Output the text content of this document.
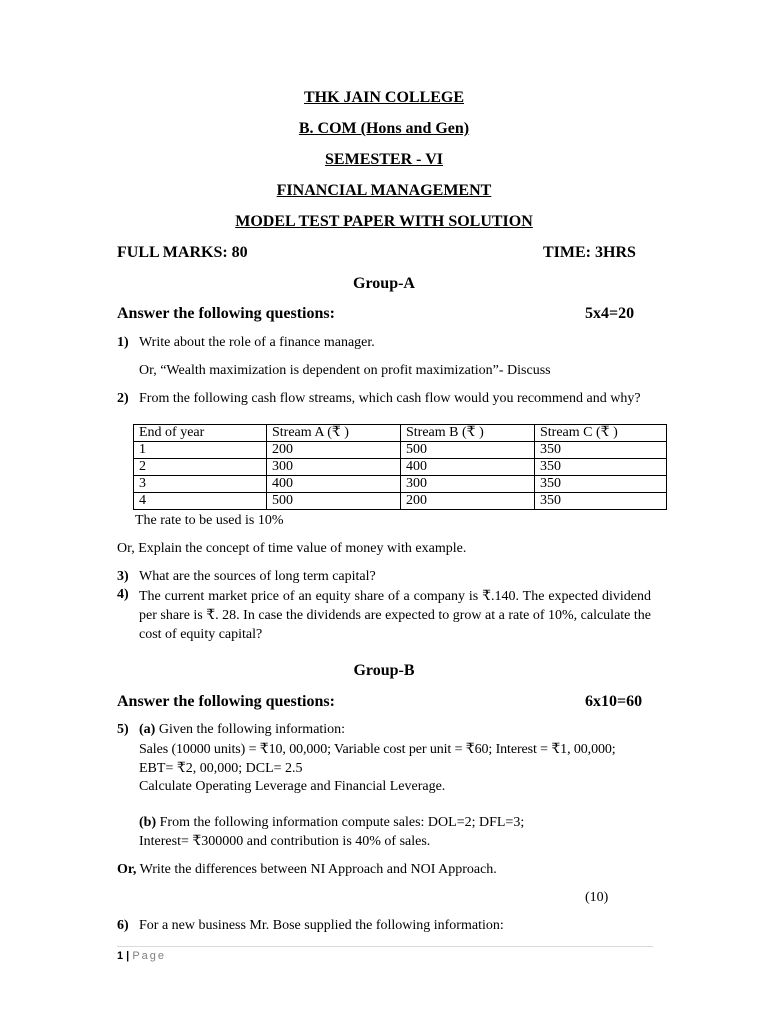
THK JAIN COLLEGE
B. COM (Hons and Gen)
SEMESTER - VI
FINANCIAL MANAGEMENT
MODEL TEST PAPER WITH SOLUTION
FULL MARKS: 80	TIME: 3HRS
Group-A
Answer the following questions:	5x4=20
1) Write about the role of a finance manager.
Or, “Wealth maximization is dependent on profit maximization”- Discuss
2) From the following cash flow streams, which cash flow would you recommend and why?
End of year	Stream A (₹ )	Stream B (₹ )	Stream C (₹ )
1	200	500	350
2	300	400	350
3	400	300	350
4	500	200	350
The rate to be used is 10%
Or, Explain the concept of time value of money with example.
3) What are the sources of long term capital?
4) The current market price of an equity share of a company is ₹.140. The expected dividend per share is ₹. 28. In case the dividends are expected to grow at a rate of 10%, calculate the cost of equity capital?
Group-B
Answer the following questions:	6x10=60
5) (a) Given the following information:
Sales (10000 units) = ₹10, 00,000; Variable cost per unit = ₹60; Interest = ₹1, 00,000;
EBT= ₹2, 00,000; DCL= 2.5
Calculate Operating Leverage and Financial Leverage.
(b) From the following information compute sales: DOL=2; DFL=3;
Interest= ₹300000 and contribution is 40% of sales.
Or, Write the differences between NI Approach and NOI Approach.
(10)
6) For a new business Mr. Bose supplied the following information:
1 | Page
